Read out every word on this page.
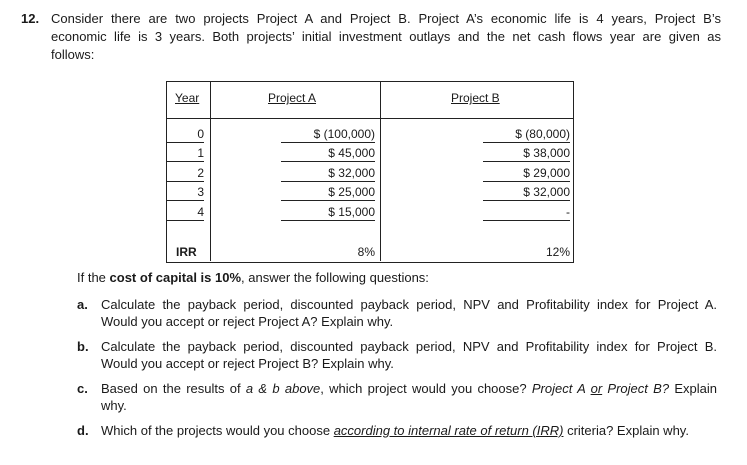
12. Consider there are two projects Project A and Project B. Project A’s economic life is 4 years, Project B’s
economic life is 3 years. Both projects’ initial investment outlays and the net cash flows year are given as
follows:
Year	Project A	Project B
0	$ (100,000)	$ (80,000)
1	$ 45,000	$ 38,000
2	$ 32,000	$ 29,000
3	$ 25,000	$ 32,000
4	$ 15,000	-
IRR	8%	12%
If the cost of capital is 10%, answer the following questions:
a. Calculate the payback period, discounted payback period, NPV and Profitability index for Project A.
Would you accept or reject Project A? Explain why.
b. Calculate the payback period, discounted payback period, NPV and Profitability index for Project B.
Would you accept or reject Project B? Explain why.
c. Based on the results of a & b above, which project would you choose? Project A or Project B? Explain
why.
d. Which of the projects would you choose according to internal rate of return (IRR) criteria? Explain why.
